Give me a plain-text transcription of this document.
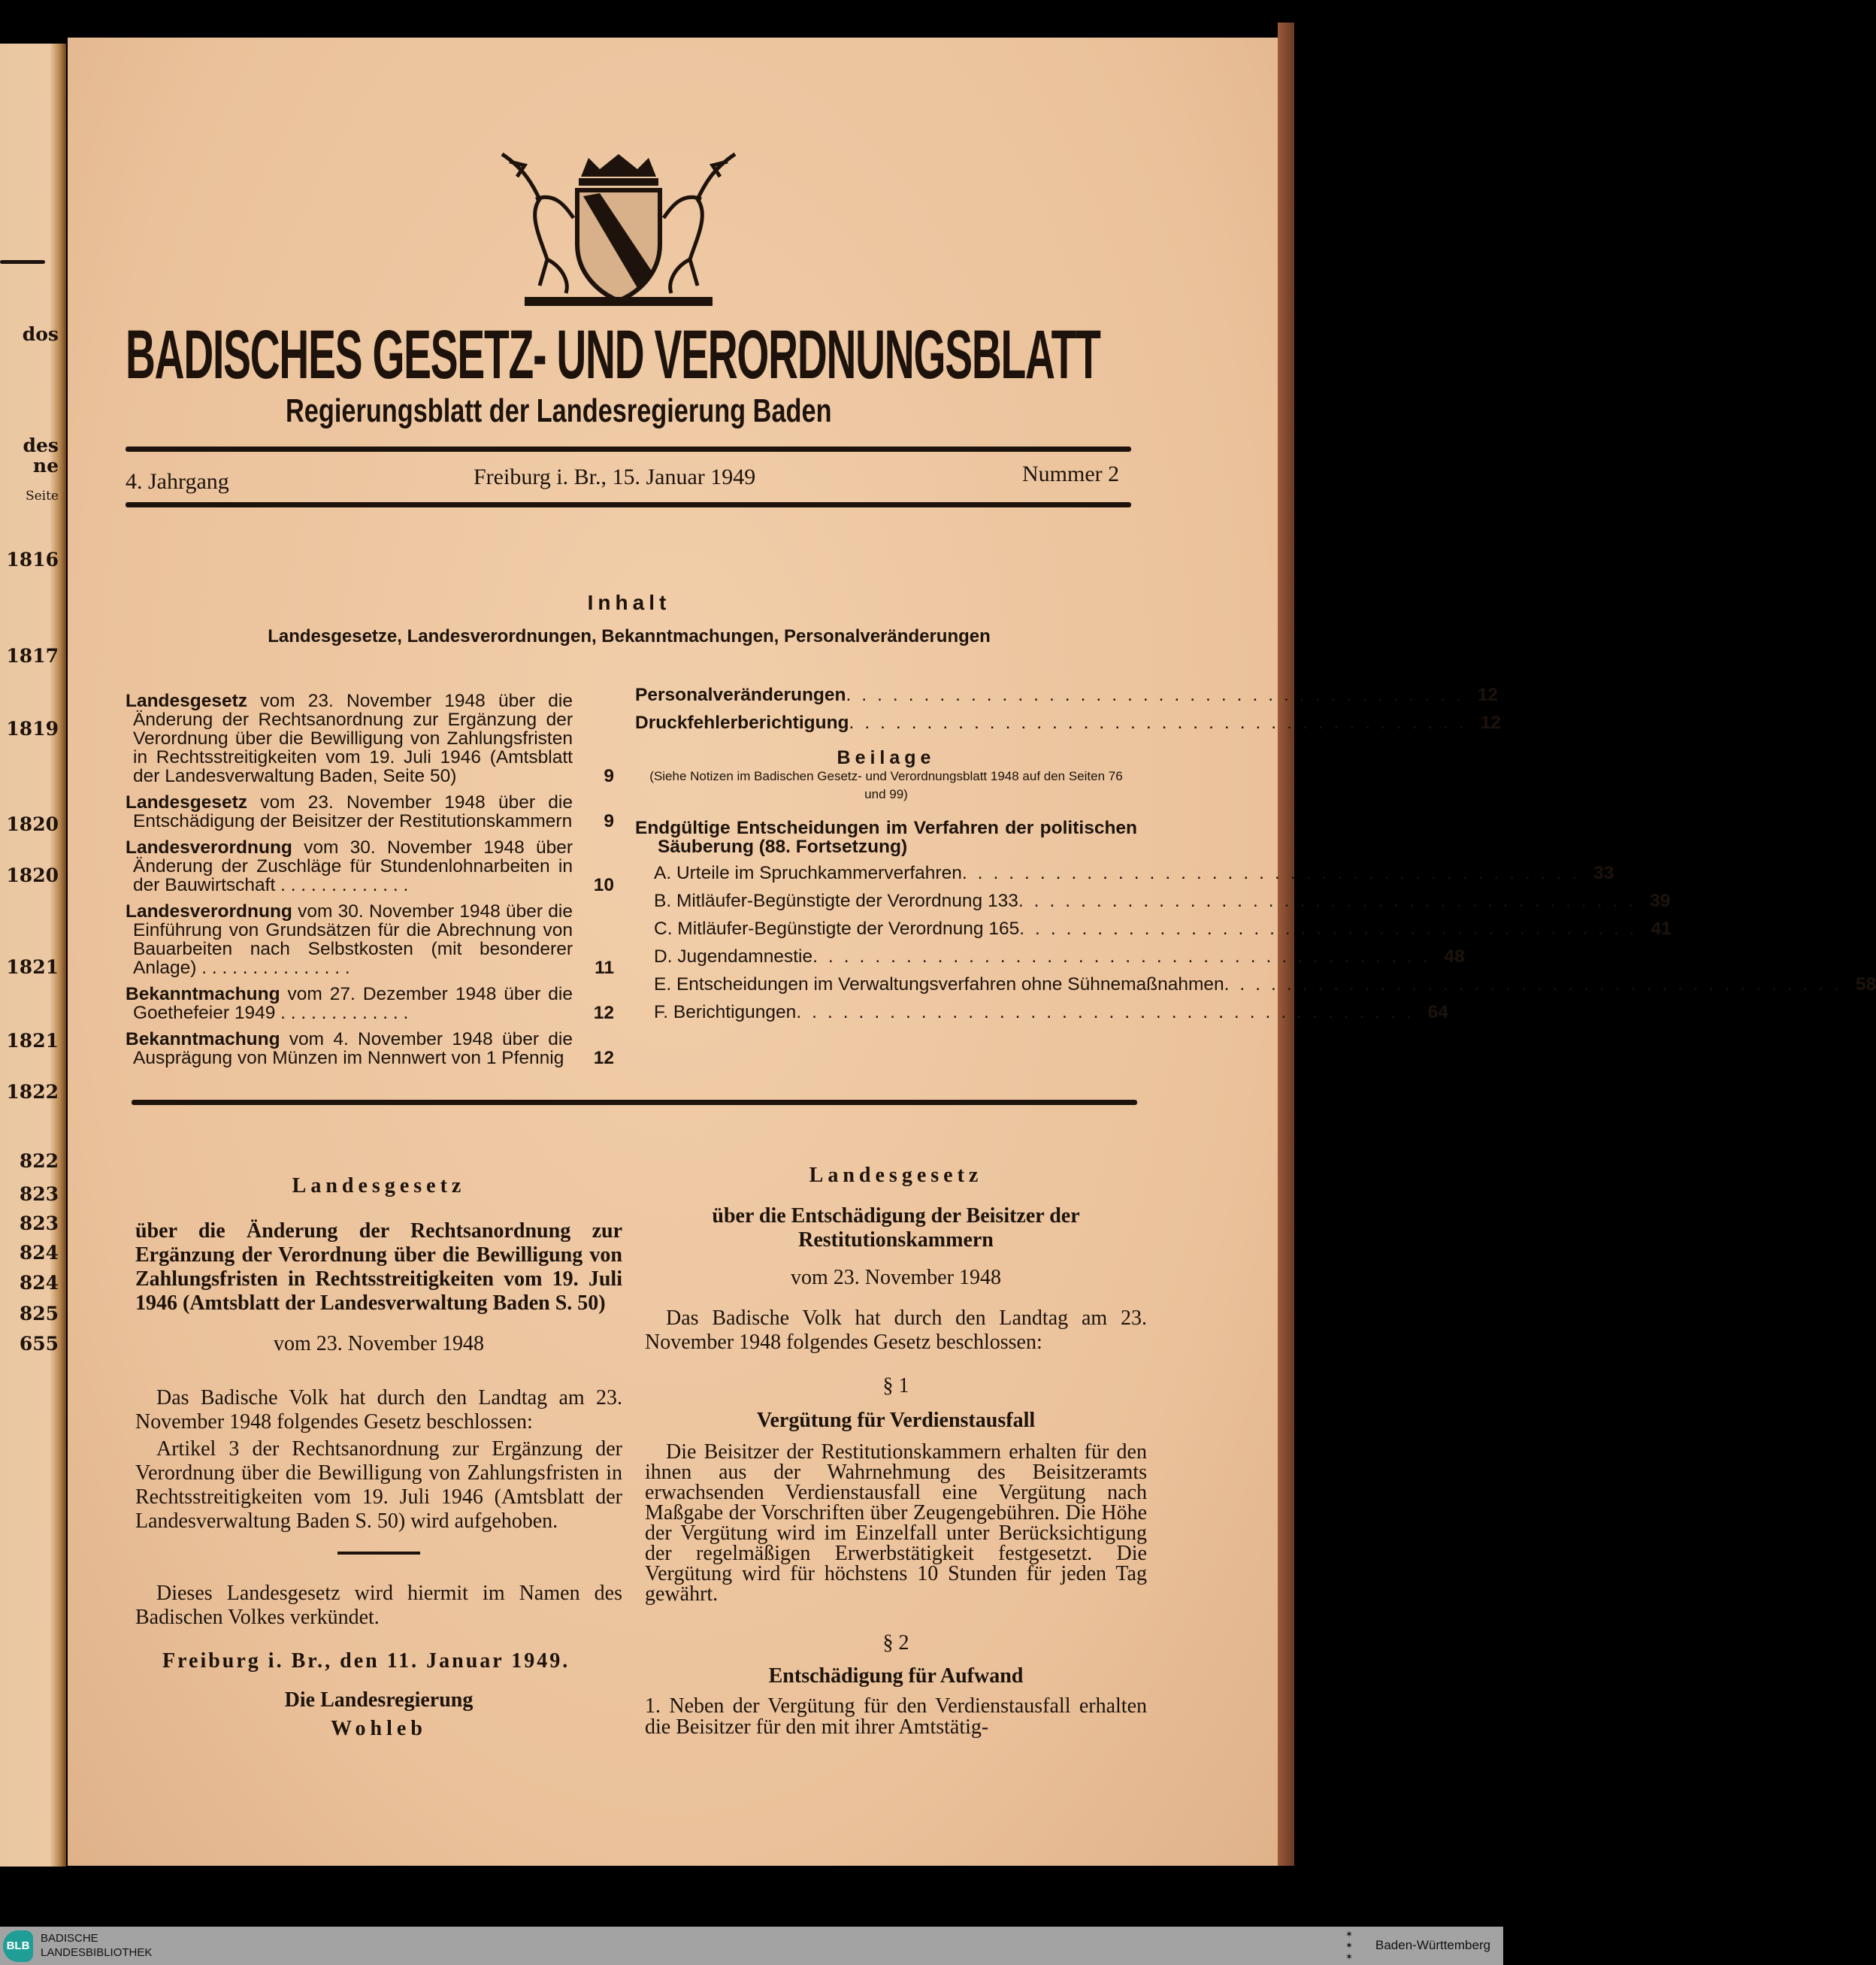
BADISCHES GESETZ- UND VERORDNUNGSBLATT
Regierungsblatt der Landesregierung Baden
4. Jahrgang	Freiburg i. Br., 15. Januar 1949	Nummer 2
Inhalt
Landesgesetze, Landesverordnungen, Bekanntmachungen, Personalveränderungen
Landesgesetz vom 23. November 1948 über die Änderung der Rechtsanordnung zur Ergänzung der Verordnung über die Bewilligung von Zahlungsfristen in Rechtsstreitigkeiten vom 19. Juli 1946 (Amtsblatt der Landesverwaltung Baden, Seite 50)	9
Landesgesetz vom 23. November 1948 über die Entschädigung der Beisitzer der Restitutionskammern 9
Landesverordnung vom 30. November 1948 über Änderung der Zuschläge für Stundenlohnarbeiten in der Bauwirtschaft . . . . . . . . . . . . .	10
Landesverordnung vom 30. November 1948 über die Einführung von Grundsätzen für die Abrechnung von Bauarbeiten nach Selbstkosten (mit besonderer Anlage) . . . . . . . . . . . . . . .	11
Bekanntmachung vom 27. Dezember 1948 über die Goethefeier 1949 . . . . . . . . . . . . .	12
Bekanntmachung vom 4. November 1948 über die Ausprägung von Münzen im Nennwert von 1 Pfennig	12
Personalveränderungen ........................................ 12
Druckfehlerberichtigung ........................................ 12
Beilage
(Siehe Notizen im Badischen Gesetz- und Verordnungsblatt 1948 auf den Seiten 76 und 99)
Endgültige Entscheidungen im Verfahren der politischen Säuberung (88. Fortsetzung)
A. Urteile im Spruchkammerverfahren ........................................ 33
B. Mitläufer-Begünstigte der Verordnung 133 ........................................ 39
C. Mitläufer-Begünstigte der Verordnung 165 ........................................ 41
D. Jugendamnestie ........................................ 48
E. Entscheidungen im Verwaltungsverfahren ohne Sühnemaßnahmen ........................................ 58
F. Berichtigungen ........................................ 64
Landesgesetz
über die Änderung der Rechtsanordnung zur Ergänzung der Verordnung über die Bewilligung von Zahlungsfristen in Rechtsstreitigkeiten vom 19. Juli 1946 (Amtsblatt der Landesverwaltung Baden S. 50)
vom 23. November 1948

Das Badische Volk hat durch den Landtag am 23. November 1948 folgendes Gesetz beschlossen:

Artikel 3 der Rechtsanordnung zur Ergänzung der Verordnung über die Bewilligung von Zahlungsfristen in Rechtsstreitigkeiten vom 19. Juli 1946 (Amtsblatt der Landesverwaltung Baden S. 50) wird aufgehoben.

Dieses Landesgesetz wird hiermit im Namen des Badischen Volkes verkündet.

Freiburg i. Br., den 11. Januar 1949.
Die Landesregierung
Wohleb
Landesgesetz
über die Entschädigung der Beisitzer der Restitutionskammern
vom 23. November 1948

Das Badische Volk hat durch den Landtag am 23. November 1948 folgendes Gesetz beschlossen:

§ 1
Vergütung für Verdienstausfall

Die Beisitzer der Restitutionskammern erhalten für den ihnen aus der Wahrnehmung des Beisitzeramts erwachsenden Verdienstausfall eine Vergütung nach Maßgabe der Vorschriften über Zeugengebühren. Die Höhe der Vergütung wird im Einzelfall unter Berücksichtigung der regelmäßigen Erwerbstätigkeit festgesetzt. Die Vergütung wird für höchstens 10 Stunden für jeden Tag gewährt.

§ 2
Entschädigung für Aufwand

1. Neben der Vergütung für den Verdienstausfall erhalten die Beisitzer für den mit ihrer Amtstätig-

BLB
BADISCHE
LANDESBIBLIOTHEK
✶
✶
✶
Baden-Württemberg
dos
des
ne
Seite
1816
1817
1819
1820
1820
1821
1821
1822
822
823
823
824
824
825
655
